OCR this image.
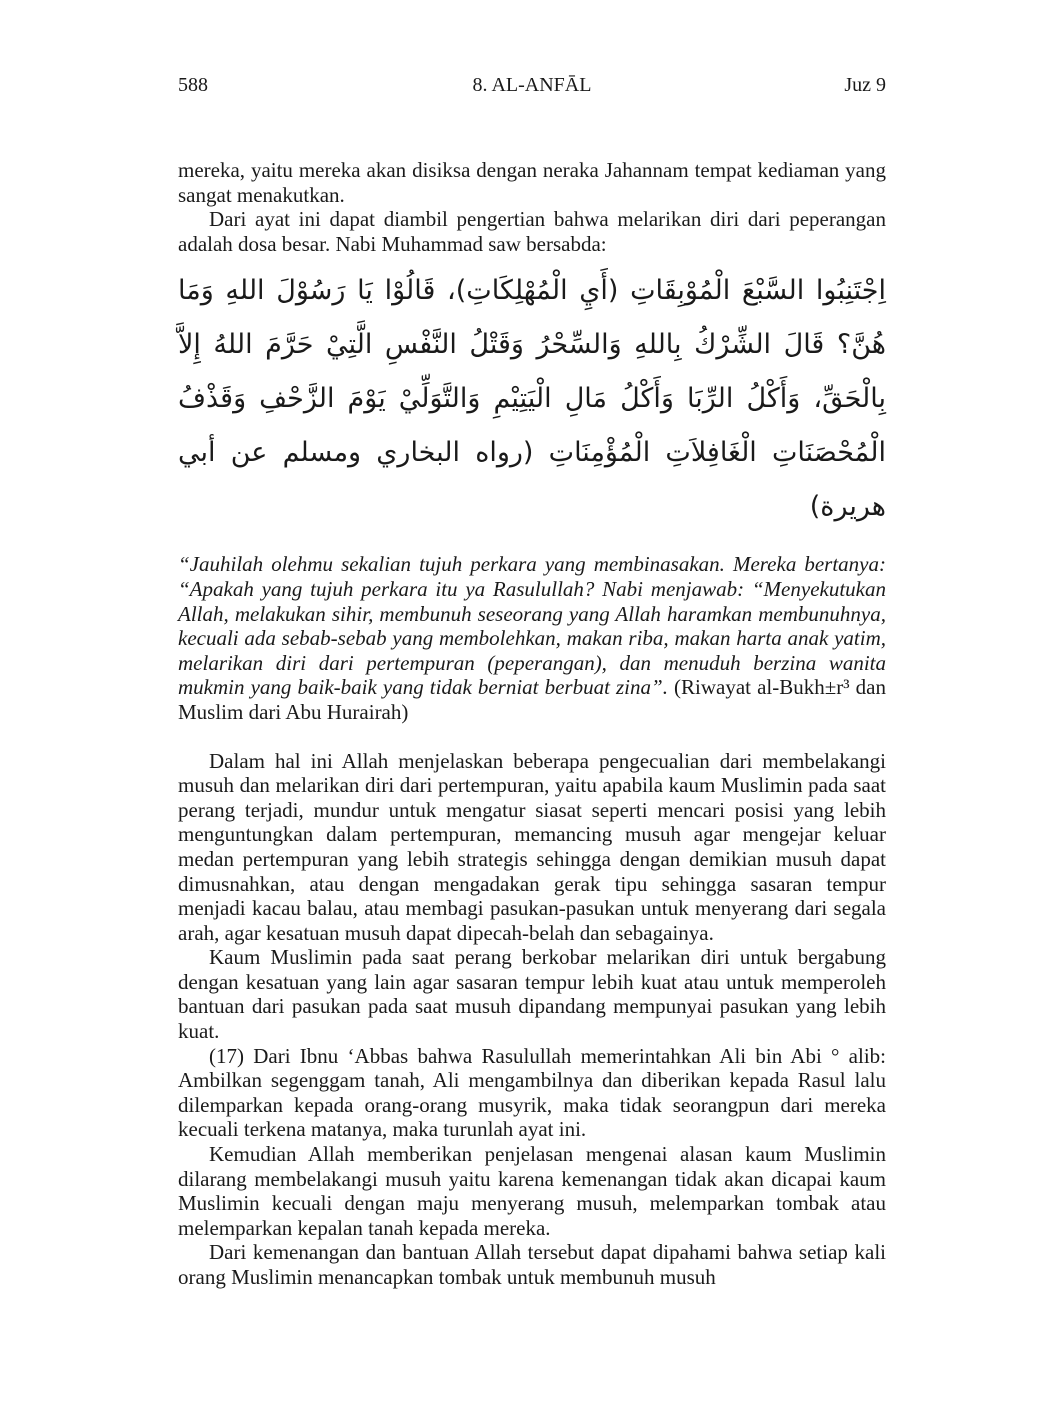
588	8. AL-ANFĀL	Juz 9

mereka, yaitu mereka akan disiksa dengan neraka Jahannam tempat kediaman yang sangat menakutkan.

Dari ayat ini dapat diambil pengertian bahwa melarikan diri dari peperangan adalah dosa besar. Nabi Muhammad saw bersabda:

اِجْتَنِبُوا السَّبْعَ الْمُوْبِقَاتِ (أَيِ الْمُهْلِكَاتِ)، قَالُوْا يَا رَسُوْلَ اللهِ وَمَا هُنَّ؟ قَالَ الشِّرْكُ بِاللهِ وَالسِّحْرُ وَقَتْلُ النَّفْسِ الَّتِيْ حَرَّمَ اللهُ إِلاَّ بِالْحَقِّ، وَأَكْلُ الرِّبَا وَأَكْلُ مَالِ الْيَتِيْمِ وَالتَّوَلِّيْ يَوْمَ الزَّحْفِ وَقَذْفُ الْمُحْصَنَاتِ الْغَافِلاَتِ الْمُؤْمِنَاتِ (رواه البخاري ومسلم عن أبي هريرة)

“Jauhilah olehmu sekalian tujuh perkara yang membinasakan. Mereka bertanya: “Apakah yang tujuh perkara itu ya Rasulullah? Nabi menjawab: “Menyekutukan Allah, melakukan sihir, membunuh seseorang yang Allah haramkan membunuhnya, kecuali ada sebab-sebab yang membolehkan, makan riba, makan harta anak yatim, melarikan diri dari pertempuran (peperangan), dan menuduh berzina wanita mukmin yang baik-baik yang tidak berniat berbuat zina”. (Riwayat al-Bukh±r³ dan Muslim dari Abu Hurairah)

Dalam hal ini Allah menjelaskan beberapa pengecualian dari membelakangi musuh dan melarikan diri dari pertempuran, yaitu apabila kaum Muslimin pada saat perang terjadi, mundur untuk mengatur siasat seperti mencari posisi yang lebih menguntungkan dalam pertempuran, memancing musuh agar mengejar keluar medan pertempuran yang lebih strategis sehingga dengan demikian musuh dapat dimusnahkan, atau dengan mengadakan gerak tipu sehingga sasaran tempur menjadi kacau balau, atau membagi pasukan-pasukan untuk menyerang dari segala arah, agar kesatuan musuh dapat dipecah-belah dan sebagainya.

Kaum Muslimin pada saat perang berkobar melarikan diri untuk bergabung dengan kesatuan yang lain agar sasaran tempur lebih kuat atau untuk memperoleh bantuan dari pasukan pada saat musuh dipandang mempunyai pasukan yang lebih kuat.

(17) Dari Ibnu ‘Abbas bahwa Rasulullah memerintahkan Ali bin Abi ° alib: Ambilkan segenggam tanah, Ali mengambilnya dan diberikan kepada Rasul lalu dilemparkan kepada orang-orang musyrik, maka tidak seorangpun dari mereka kecuali terkena matanya, maka turunlah ayat ini.

Kemudian Allah memberikan penjelasan mengenai alasan kaum Muslimin dilarang membelakangi musuh yaitu karena kemenangan tidak akan dicapai kaum Muslimin kecuali dengan maju menyerang musuh, melemparkan tombak atau melemparkan kepalan tanah kepada mereka.

Dari kemenangan dan bantuan Allah tersebut dapat dipahami bahwa setiap kali orang Muslimin menancapkan tombak untuk membunuh musuh
